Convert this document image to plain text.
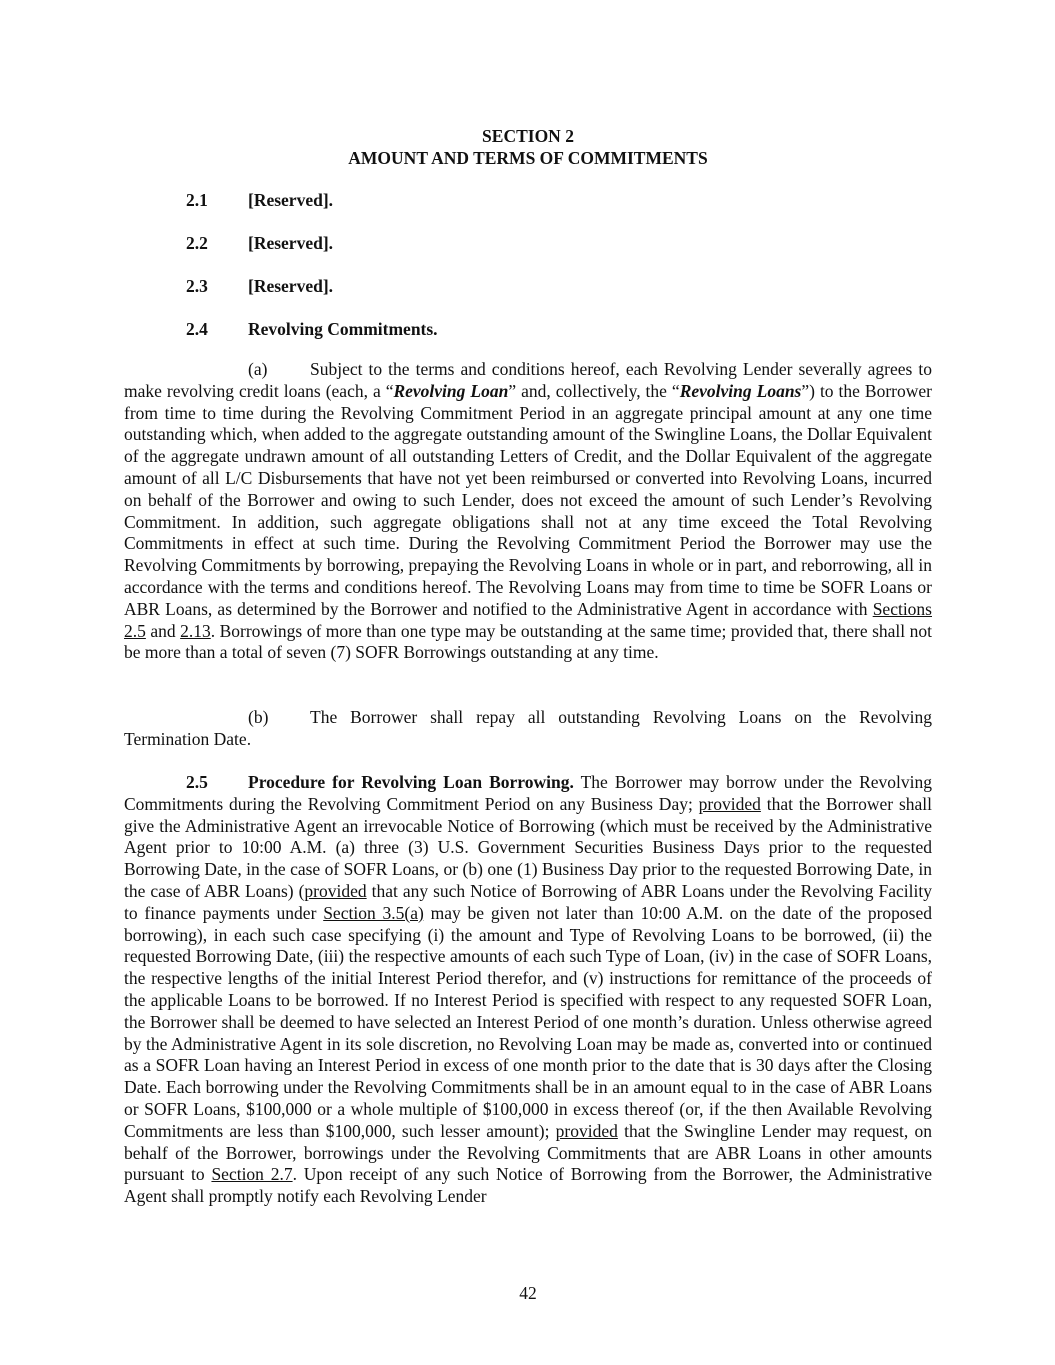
SECTION 2
AMOUNT AND TERMS OF COMMITMENTS
2.1 [Reserved].
2.2 [Reserved].
2.3 [Reserved].
2.4 Revolving Commitments.

(a) Subject to the terms and conditions hereof, each Revolving Lender severally agrees to make revolving credit loans (each, a “Revolving Loan” and, collectively, the “Revolving Loans”) to the Borrower from time to time during the Revolving Commitment Period in an aggregate principal amount at any one time outstanding which, when added to the aggregate outstanding amount of the Swingline Loans, the Dollar Equivalent of the aggregate undrawn amount of all outstanding Letters of Credit, and the Dollar Equivalent of the aggregate amount of all L/C Disbursements that have not yet been reimbursed or converted into Revolving Loans, incurred on behalf of the Borrower and owing to such Lender, does not exceed the amount of such Lender’s Revolving Commitment. In addition, such aggregate obligations shall not at any time exceed the Total Revolving Commitments in effect at such time. During the Revolving Commitment Period the Borrower may use the Revolving Commitments by borrowing, prepaying the Revolving Loans in whole or in part, and reborrowing, all in accordance with the terms and conditions hereof. The Revolving Loans may from time to time be SOFR Loans or ABR Loans, as determined by the Borrower and notified to the Administrative Agent in accordance with Sections 2.5 and 2.13. Borrowings of more than one type may be outstanding at the same time; provided that, there shall not be more than a total of seven (7) SOFR Borrowings outstanding at any time.

(b) The Borrower shall repay all outstanding Revolving Loans on the Revolving Termination Date.

2.5 Procedure for Revolving Loan Borrowing. The Borrower may borrow under the Revolving Commitments during the Revolving Commitment Period on any Business Day; provided that the Borrower shall give the Administrative Agent an irrevocable Notice of Borrowing (which must be received by the Administrative Agent prior to 10:00 A.M. (a) three (3) U.S. Government Securities Business Days prior to the requested Borrowing Date, in the case of SOFR Loans, or (b) one (1) Business Day prior to the requested Borrowing Date, in the case of ABR Loans) (provided that any such Notice of Borrowing of ABR Loans under the Revolving Facility to finance payments under Section 3.5(a) may be given not later than 10:00 A.M. on the date of the proposed borrowing), in each such case specifying (i) the amount and Type of Revolving Loans to be borrowed, (ii) the requested Borrowing Date, (iii) the respective amounts of each such Type of Loan, (iv) in the case of SOFR Loans, the respective lengths of the initial Interest Period therefor, and (v) instructions for remittance of the proceeds of the applicable Loans to be borrowed. If no Interest Period is specified with respect to any requested SOFR Loan, the Borrower shall be deemed to have selected an Interest Period of one month’s duration. Unless otherwise agreed by the Administrative Agent in its sole discretion, no Revolving Loan may be made as, converted into or continued as a SOFR Loan having an Interest Period in excess of one month prior to the date that is 30 days after the Closing Date. Each borrowing under the Revolving Commitments shall be in an amount equal to in the case of ABR Loans or SOFR Loans, $100,000 or a whole multiple of $100,000 in excess thereof (or, if the then Available Revolving Commitments are less than $100,000, such lesser amount); provided that the Swingline Lender may request, on behalf of the Borrower, borrowings under the Revolving Commitments that are ABR Loans in other amounts pursuant to Section 2.7. Upon receipt of any such Notice of Borrowing from the Borrower, the Administrative Agent shall promptly notify each Revolving Lender

42
